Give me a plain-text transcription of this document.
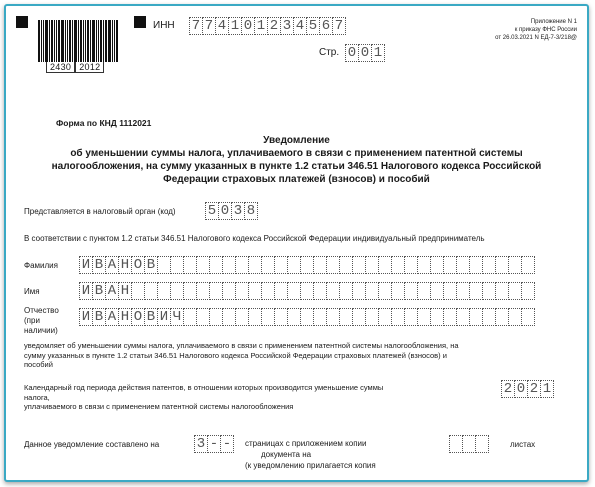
2430 2012
ИНН 7 7 4 1 0 1 2 3 4 5 6 7
Стр. 0 0 1
Приложение N 1
к приказу ФНС России
от 26.03.2021 N ЕД-7-3/218@
Форма по КНД 1112021
Уведомление
об уменьшении суммы налога, уплачиваемого в связи с применением патентной системы
налогообложения, на сумму указанных в пункте 1.2 статьи 346.51 Налогового кодекса Российской
Федерации страховых платежей (взносов) и пособий
Представляется в налоговый орган (код) 5 0 3 8
В соответствии с пунктом 1.2 статьи 346.51 Налогового кодекса Российской Федерации индивидуальный предприниматель
Фамилия И В А Н О В
Имя	И В А Н
Отчество
(при
наличии)
И В А Н О В И Ч
уведомляет об уменьшении суммы налога, уплачиваемого в связи с применением патентной системы налогообложения, на
сумму указанных в пункте 1.2 статьи 346.51 Налогового кодекса Российской Федерации страховых платежей (взносов) и
пособий
Календарный год периода действия патентов, в отношении которых производится уменьшение суммы
налога,
уплачиваемого в связи с применением патентной системы налогообложения
2 0 2 1
Данное уведомление составлено на	3 - -	страницах с приложением копии
документа на
(к уведомлению прилагается копия
листах
